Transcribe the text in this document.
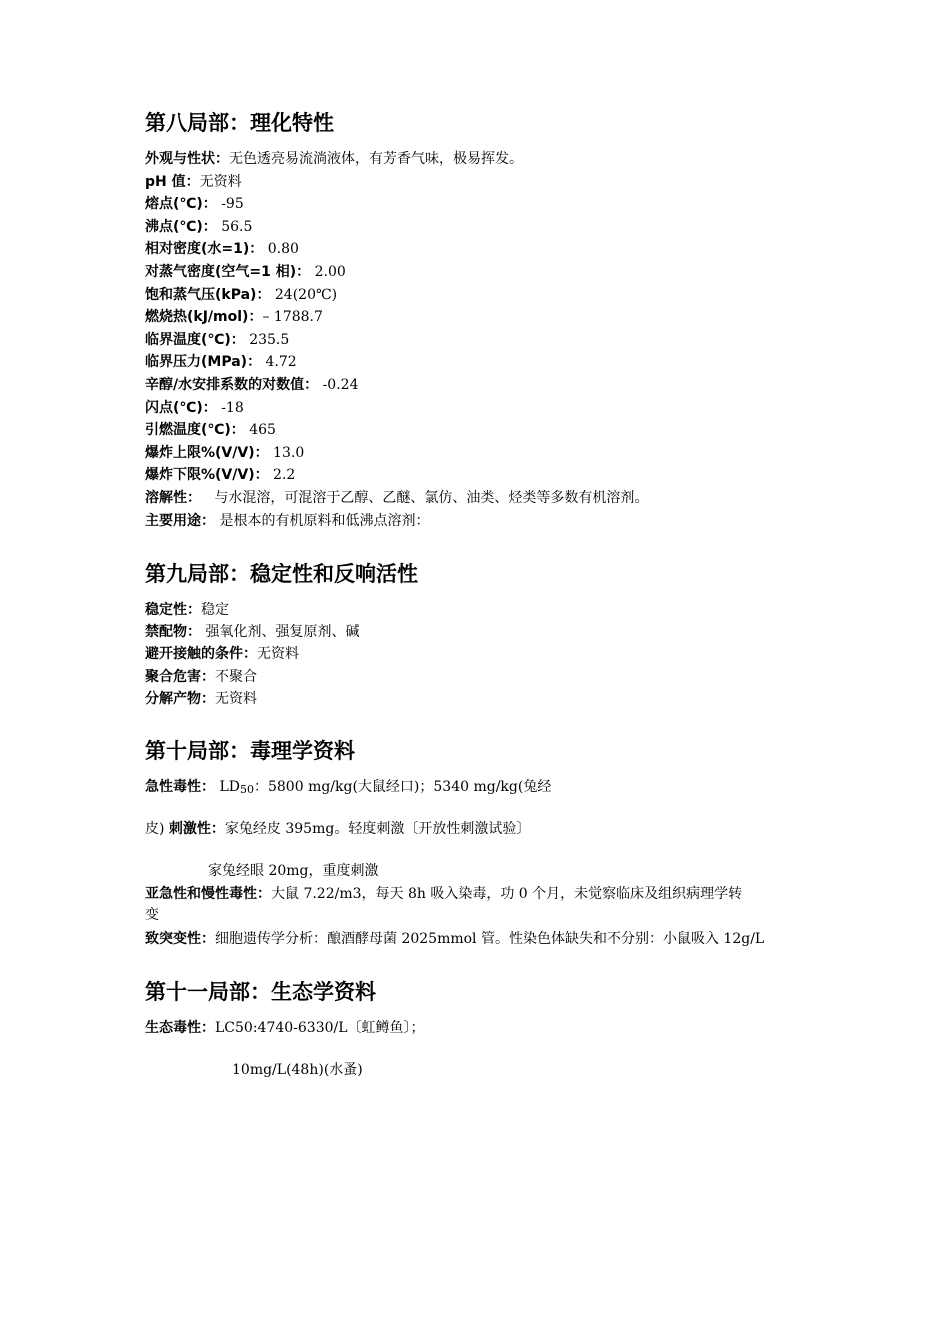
第八局部：理化特性
外观与性状：无色透亮易流淌液体，有芳香气味，极易挥发。
pH 值：无资料
熔点(℃)： -95
沸点(℃)： 56.5
相对密度(水=1)： 0.80
对蒸气密度(空气=1 相)： 2.00
饱和蒸气压(kPa)： 24(20℃)
燃烧热(kJ/mol)：– 1788.7
临界温度(℃)： 235.5
临界压力(MPa)： 4.72
辛醇/水安排系数的对数值： -0.24
闪点(℃)： -18
引燃温度(℃)： 465
爆炸上限%(V/V)： 13.0
爆炸下限%(V/V)： 2.2
溶解性：   与水混溶，可混溶于乙醇、乙醚、氯仿、油类、烃类等多数有机溶剂。
主要用途： 是根本的有机原料和低沸点溶剂：
第九局部：稳定性和反响活性
稳定性：稳定
禁配物： 强氧化剂、强复原剂、碱
避开接触的条件：无资料
聚合危害：不聚合
分解产物：无资料
第十局部：毒理学资料
急性毒性： LD50：5800 mg/kg(大鼠经口)；5340 mg/kg(兔经
皮) 刺激性：家兔经皮 395mg。轻度刺激〔开放性刺激试验〕
家兔经眼 20mg，重度刺激
亚急性和慢性毒性：大鼠 7.22/m3，每天 8h 吸入染毒，功 0 个月，未觉察临床及组织病理学转
变
致突变性：细胞遗传学分析：酿酒酵母菌 2025mmol 管。性染色体缺失和不分别：小鼠吸入 12g/L
第十一局部：生态学资料
生态毒性：LC50:4740-6330/L〔虹鳟鱼〕；
10mg/L(48h)(水蚤)
